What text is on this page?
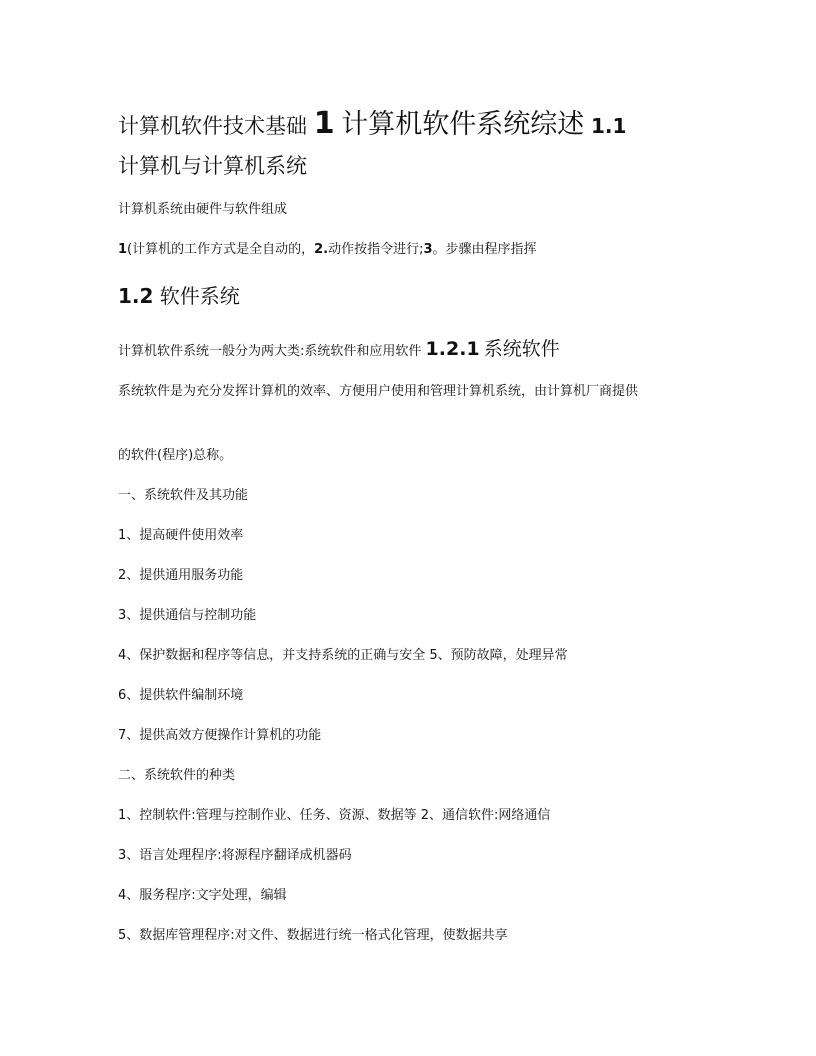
计算机软件技术基础 1 计算机软件系统综述 1.1
计算机与计算机系统

计算机系统由硬件与软件组成

1(计算机的工作方式是全自动的，2.动作按指令进行;3。步骤由程序指挥

1.2 软件系统

计算机软件系统一般分为两大类:系统软件和应用软件 1.2.1 系统软件

系统软件是为充分发挥计算机的效率、方便用户使用和管理计算机系统，由计算机厂商提供

的软件(程序)总称。

一、系统软件及其功能

1、提高硬件使用效率

2、提供通用服务功能

3、提供通信与控制功能

4、保护数据和程序等信息，并支持系统的正确与安全 5、预防故障，处理异常

6、提供软件编制环境

7、提供高效方便操作计算机的功能

二、系统软件的种类

1、控制软件:管理与控制作业、任务、资源、数据等 2、通信软件:网络通信

3、语言处理程序:将源程序翻译成机器码

4、服务程序:文字处理，编辑

5、数据库管理程序:对文件、数据进行统一格式化管理，使数据共享
